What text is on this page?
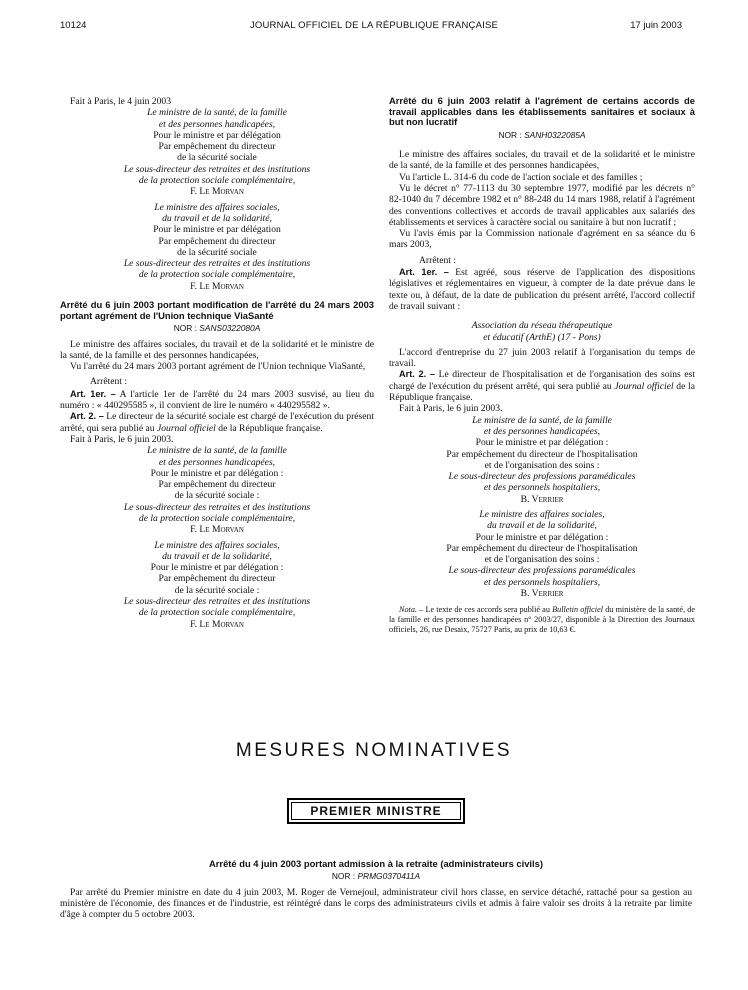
10124	JOURNAL OFFICIEL DE LA RÉPUBLIQUE FRANÇAISE	17 juin 2003

Fait à Paris, le 4 juin 2003

Le ministre de la santé, de la famille

et des personnes handicapées,

Pour le ministre et par délégation

Par empêchement du directeur

de la sécurité sociale

Le sous-directeur des retraites et des institutions

de la protection sociale complémentaire,

F. Le Morvan

Le ministre des affaires sociales,

du travail et de la solidarité,

Pour le ministre et par délégation

Par empêchement du directeur

de la sécurité sociale

Le sous-directeur des retraites et des institutions

de la protection sociale complémentaire,

F. Le Morvan

Arrêté du 6 juin 2003 portant modification de l'arrêté du 24 mars 2003 portant agrément de l'Union technique ViaSanté

NOR : SANS0322080A

Le ministre des affaires sociales, du travail et de la solidarité et le ministre de la santé, de la famille et des personnes handicapées,

Vu l'arrêté du 24 mars 2003 portant agrément de l'Union technique ViaSanté,

Arrêtent :

Art. 1er. – A l'article 1er de l'arrêté du 24 mars 2003 susvisé, au lieu du numéro : « 440295585 », il convient de lire le numéro « 440295582 ».

Art. 2. – Le directeur de la sécurité sociale est chargé de l'exécution du présent arrêté, qui sera publié au Journal officiel de la République française.

Fait à Paris, le 6 juin 2003.

Le ministre de la santé, de la famille

et des personnes handicapées,

Pour le ministre et par délégation :

Par empêchement du directeur

de la sécurité sociale :

Le sous-directeur des retraites et des institutions

de la protection sociale complémentaire,

F. Le Morvan

Le ministre des affaires sociales,

du travail et de la solidarité,

Pour le ministre et par délégation :

Par empêchement du directeur

de la sécurité sociale :

Le sous-directeur des retraites et des institutions

de la protection sociale complémentaire,

F. Le Morvan

Arrêté du 6 juin 2003 relatif à l'agrément de certains accords de travail applicables dans les établissements sanitaires et sociaux à but non lucratif

NOR : SANH0322085A

Le ministre des affaires sociales, du travail et de la solidarité et le ministre de la santé, de la famille et des personnes handicapées,

Vu l'article L. 314-6 du code de l'action sociale et des familles ;

Vu le décret n° 77-1113 du 30 septembre 1977, modifié par les décrets n° 82-1040 du 7 décembre 1982 et n° 88-248 du 14 mars 1988, relatif à l'agrément des conventions collectives et accords de travail applicables aux salariés des établissements et services à caractère social ou sanitaire à but non lucratif ;

Vu l'avis émis par la Commission nationale d'agrément en sa séance du 6 mars 2003,

Arrêtent :

Art. 1er. – Est agréé, sous réserve de l'application des dispositions législatives et réglementaires en vigueur, à compter de la date prévue dans le texte ou, à défaut, de la date de publication du présent arrêté, l'accord collectif de travail suivant :

Association du réseau thérapeutique

et éducatif (ArthE) (17 - Pons)

L'accord d'entreprise du 27 juin 2003 relatif à l'organisation du temps de travail.

Art. 2. – Le directeur de l'hospitalisation et de l'organisation des soins est chargé de l'exécution du présent arrêté, qui sera publié au Journal officiel de la République française.

Fait à Paris, le 6 juin 2003.

Le ministre de la santé, de la famille

et des personnes handicapées,

Pour le ministre et par délégation :

Par empêchement du directeur de l'hospitalisation

et de l'organisation des soins :

Le sous-directeur des professions paramédicales

et des personnels hospitaliers,

B. Verrier

Le ministre des affaires sociales,

du travail et de la solidarité,

Pour le ministre et par délégation :

Par empêchement du directeur de l'hospitalisation

et de l'organisation des soins :

Le sous-directeur des professions paramédicales

et des personnels hospitaliers,

B. Verrier

Nota. – Le texte de ces accords sera publié au Bulletin officiel du ministère de la santé, de la famille et des personnes handicapées n° 2003/27, disponible à la Direction des Journaux officiels, 26, rue Desaix, 75727 Paris, au prix de 10,63 €.

MESURES NOMINATIVES
PREMIER MINISTRE

Arrêté du 4 juin 2003 portant admission à la retraite (administrateurs civils)

NOR : PRMG0370411A

Par arrêté du Premier ministre en date du 4 juin 2003, M. Roger de Vernejoul, administrateur civil hors classe, en service détaché, rattaché pour sa gestion au ministère de l'économie, des finances et de l'industrie, est réintégré dans le corps des administrateurs civils et admis à faire valoir ses droits à la retraite par limite d'âge à compter du 5 octobre 2003.
